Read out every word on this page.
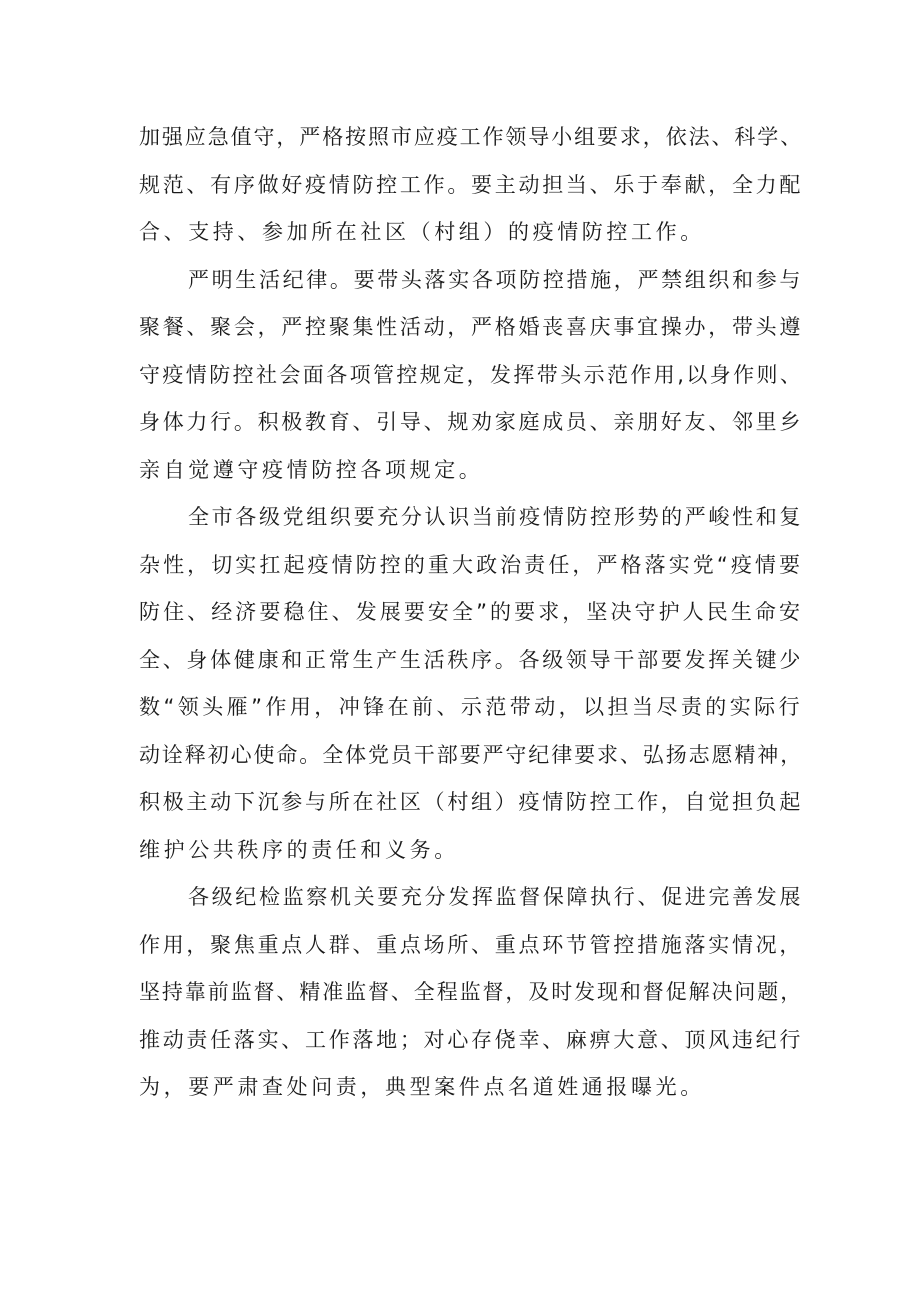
加强应急值守，严格按照市应疫工作领导小组要求，依法、科学、
规范、有序做好疫情防控工作。要主动担当、乐于奉献，全力配
合、支持、参加所在社区（村组）的疫情防控工作。
严明生活纪律。要带头落实各项防控措施，严禁组织和参与
聚餐、聚会，严控聚集性活动，严格婚丧喜庆事宜操办，带头遵
守疫情防控社会面各项管控规定，发挥带头示范作用,以身作则、
身体力行。积极教育、引导、规劝家庭成员、亲朋好友、邻里乡
亲自觉遵守疫情防控各项规定。
全市各级党组织要充分认识当前疫情防控形势的严峻性和复
杂性，切实扛起疫情防控的重大政治责任，严格落实党“疫情要
防住、经济要稳住、发展要安全”的要求，坚决守护人民生命安
全、身体健康和正常生产生活秩序。各级领导干部要发挥关键少
数“领头雁”作用，冲锋在前、示范带动，以担当尽责的实际行
动诠释初心使命。全体党员干部要严守纪律要求、弘扬志愿精神，
积极主动下沉参与所在社区（村组）疫情防控工作，自觉担负起
维护公共秩序的责任和义务。
各级纪检监察机关要充分发挥监督保障执行、促进完善发展
作用，聚焦重点人群、重点场所、重点环节管控措施落实情况，
坚持靠前监督、精准监督、全程监督，及时发现和督促解决问题，
推动责任落实、工作落地；对心存侥幸、麻痹大意、顶风违纪行
为，要严肃查处问责，典型案件点名道姓通报曝光。
